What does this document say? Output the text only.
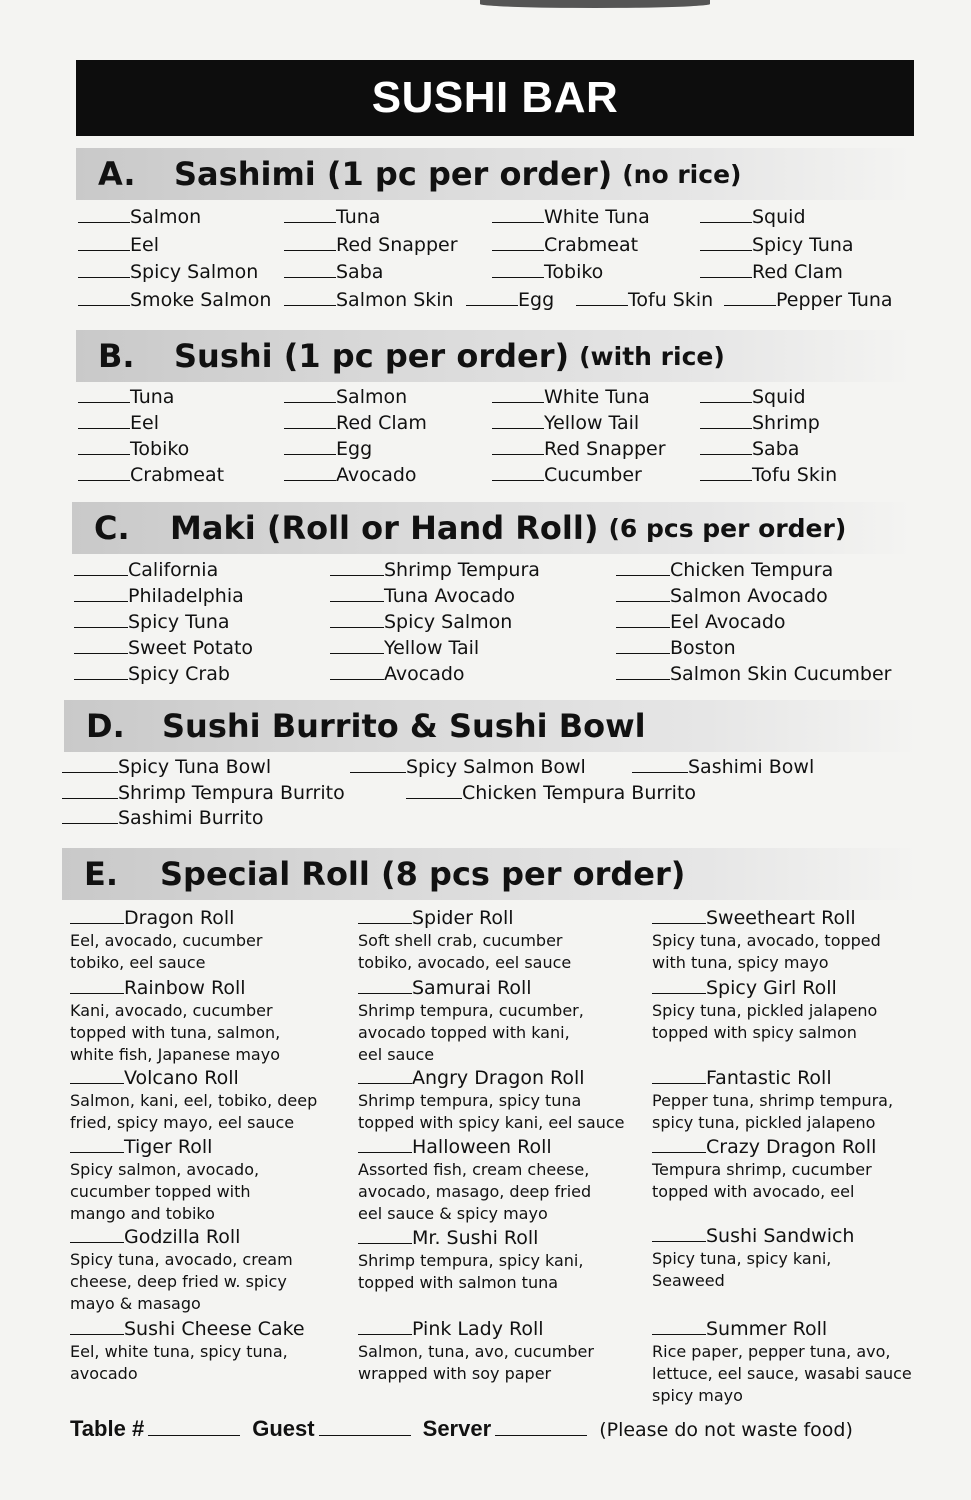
SUSHI BAR
A.	Sashimi (1 pc per order) (no rice)
Salmon	Tuna	White Tuna	Squid
Eel	Red Snapper	Crabmeat	Spicy Tuna
Spicy Salmon	Saba	Tobiko	Red Clam
Smoke Salmon	Salmon Skin	Egg	Tofu Skin	Pepper Tuna
B.	Sushi (1 pc per order) (with rice)
Tuna	Salmon	White Tuna	Squid
Eel	Red Clam	Yellow Tail	Shrimp
Tobiko	Egg	Red Snapper	Saba
Crabmeat	Avocado	Cucumber	Tofu Skin
C.	Maki (Roll or Hand Roll) (6 pcs per order)
California	Shrimp Tempura	Chicken Tempura
Philadelphia	Tuna Avocado	Salmon Avocado
Spicy Tuna	Spicy Salmon	Eel Avocado
Sweet Potato	Yellow Tail	Boston
Spicy Crab	Avocado	Salmon Skin Cucumber
D.	Sushi Burrito & Sushi Bowl
Spicy Tuna Bowl	Spicy Salmon Bowl	Sashimi Bowl
Shrimp Tempura Burrito	Chicken Tempura Burrito
Sashimi Burrito
E.	Special Roll (8 pcs per order)
Dragon Roll
Eel, avocado, cucumber
tobiko, eel sauce
Rainbow Roll
Kani, avocado, cucumber
topped with tuna, salmon,
white fish, Japanese mayo
Volcano Roll
Salmon, kani, eel, tobiko, deep
fried, spicy mayo, eel sauce
Tiger Roll
Spicy salmon, avocado,
cucumber topped with
mango and tobiko
Godzilla Roll
Spicy tuna, avocado, cream
cheese, deep fried w. spicy
mayo & masago
Sushi Cheese Cake
Eel, white tuna, spicy tuna,
avocado
Spider Roll
Soft shell crab, cucumber
tobiko, avocado, eel sauce
Samurai Roll
Shrimp tempura, cucumber,
avocado topped with kani,
eel sauce
Angry Dragon Roll
Shrimp tempura, spicy tuna
topped with spicy kani, eel sauce
Halloween Roll
Assorted fish, cream cheese,
avocado, masago, deep fried
eel sauce & spicy mayo
Mr. Sushi Roll
Shrimp tempura, spicy kani,
topped with salmon tuna
Pink Lady Roll
Salmon, tuna, avo, cucumber
wrapped with soy paper
Sweetheart Roll
Spicy tuna, avocado, topped
with tuna, spicy mayo
Spicy Girl Roll
Spicy tuna, pickled jalapeno
topped with spicy salmon
Fantastic Roll
Pepper tuna, shrimp tempura,
spicy tuna, pickled jalapeno
Crazy Dragon Roll
Tempura shrimp, cucumber
topped with avocado, eel
Sushi Sandwich
Spicy tuna, spicy kani,
Seaweed
Summer Roll
Rice paper, pepper tuna, avo,
lettuce, eel sauce, wasabi sauce
spicy mayo
Table #	Guest	Server	(Please do not waste food)
